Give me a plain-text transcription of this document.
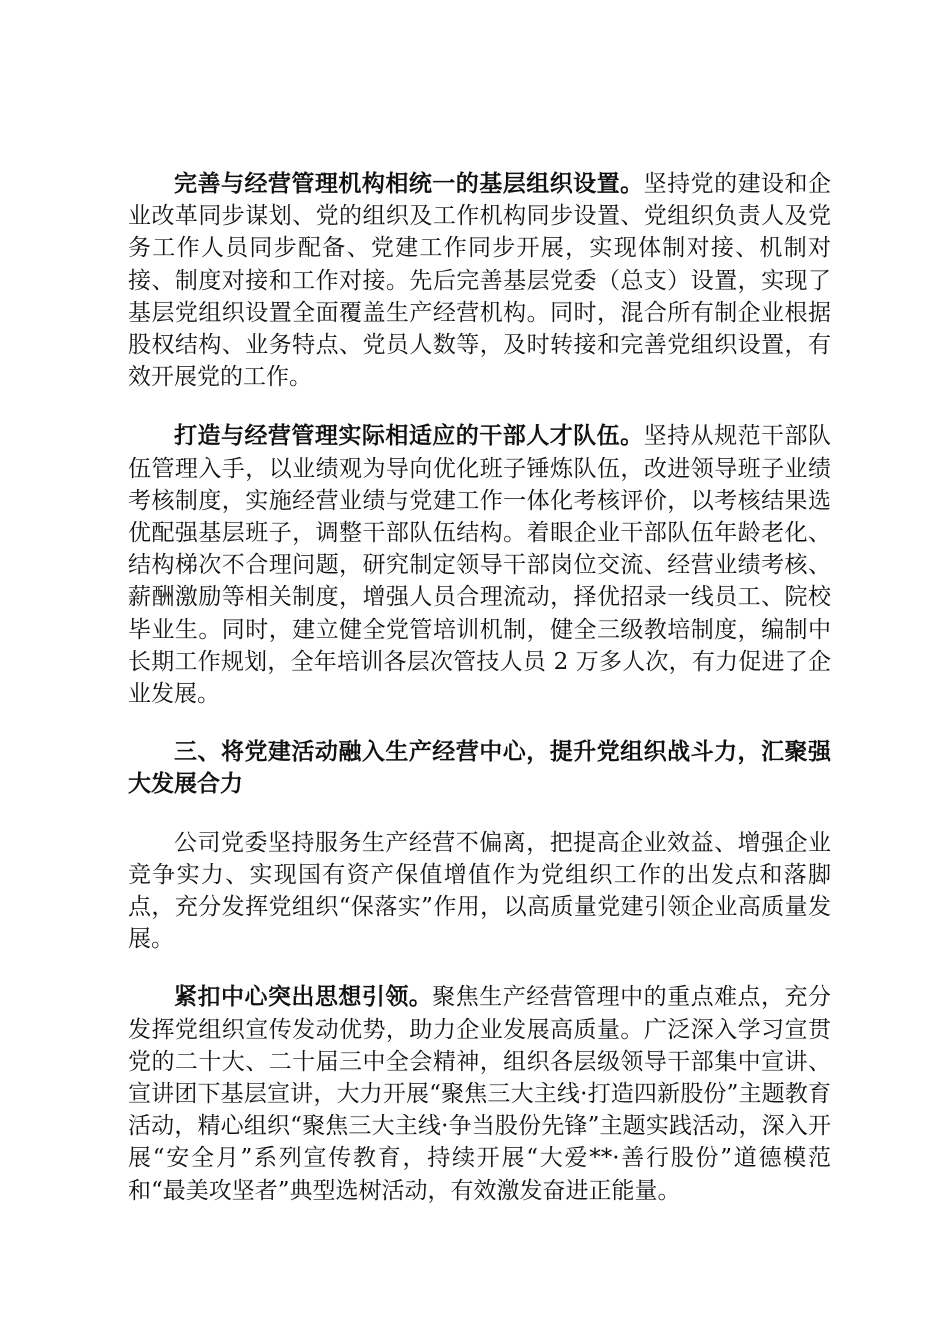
完善与经营管理机构相统一的基层组织设置。坚持党的建设和企业改革同步谋划、党的组织及工作机构同步设置、党组织负责人及党务工作人员同步配备、党建工作同步开展，实现体制对接、机制对接、制度对接和工作对接。先后完善基层党委（总支）设置，实现了基层党组织设置全面覆盖生产经营机构。同时，混合所有制企业根据股权结构、业务特点、党员人数等，及时转接和完善党组织设置，有效开展党的工作。

打造与经营管理实际相适应的干部人才队伍。坚持从规范干部队伍管理入手，以业绩观为导向优化班子锤炼队伍，改进领导班子业绩考核制度，实施经营业绩与党建工作一体化考核评价，以考核结果选优配强基层班子，调整干部队伍结构。着眼企业干部队伍年龄老化、结构梯次不合理问题，研究制定领导干部岗位交流、经营业绩考核、薪酬激励等相关制度，增强人员合理流动，择优招录一线员工、院校毕业生。同时，建立健全党管培训机制，健全三级教培制度，编制中长期工作规划，全年培训各层次管技人员 2 万多人次，有力促进了企业发展。

三、将党建活动融入生产经营中心，提升党组织战斗力，汇聚强大发展合力

公司党委坚持服务生产经营不偏离，把提高企业效益、增强企业竞争实力、实现国有资产保值增值作为党组织工作的出发点和落脚点，充分发挥党组织“保落实”作用，以高质量党建引领企业高质量发展。

紧扣中心突出思想引领。聚焦生产经营管理中的重点难点，充分发挥党组织宣传发动优势，助力企业发展高质量。广泛深入学习宣贯党的二十大、二十届三中全会精神，组织各层级领导干部集中宣讲、宣讲团下基层宣讲，大力开展“聚焦三大主线·打造四新股份”主题教育活动，精心组织“聚焦三大主线·争当股份先锋”主题实践活动，深入开展“安全月”系列宣传教育，持续开展“大爱**·善行股份”道德模范和“最美攻坚者”典型选树活动，有效激发奋进正能量。
